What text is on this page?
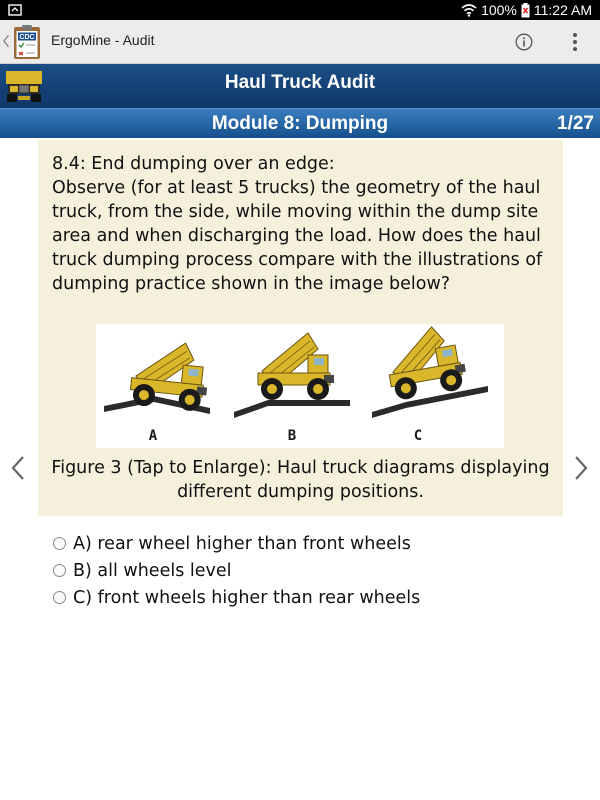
100% 11:22 AM
CDC ErgoMine - Audit
Haul Truck Audit
Module 8: Dumping	1/27
8.4: End dumping over an edge:
Observe (for at least 5 trucks) the geometry of the haul truck, from the side, while moving within the dump site area and when discharging the load. How does the haul truck dumping process compare with the illustrations of dumping practice shown in the image below?
A	B	C
Figure 3 (Tap to Enlarge): Haul truck diagrams displaying different dumping positions.
A) rear wheel higher than front wheels
B) all wheels level
C) front wheels higher than rear wheels
